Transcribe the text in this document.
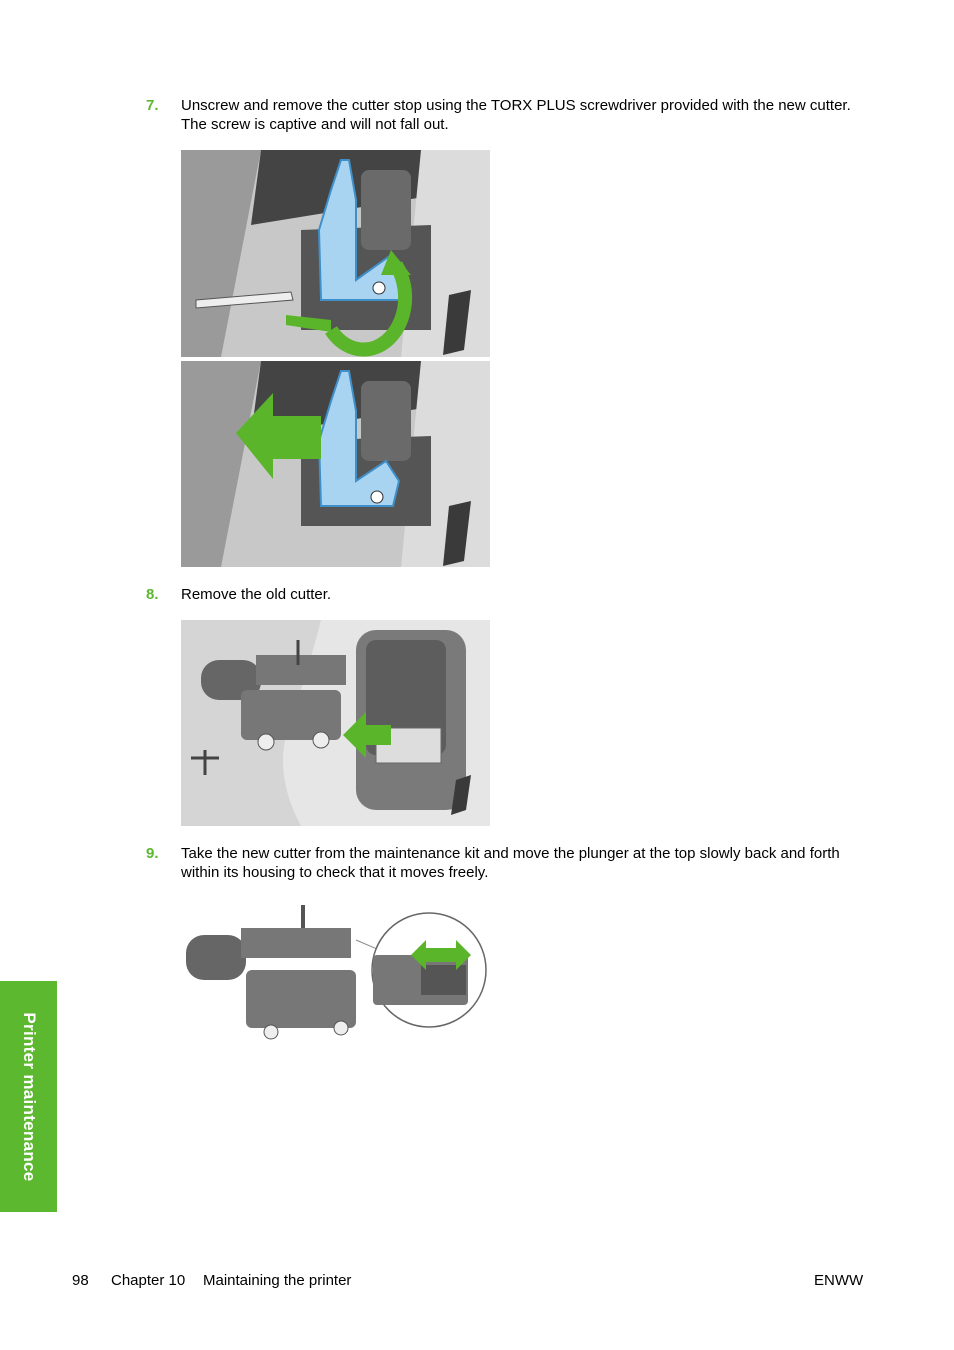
7. Unscrew and remove the cutter stop using the TORX PLUS screwdriver provided with the new cutter. The screw is captive and will not fall out.
8. Remove the old cutter.
9. Take the new cutter from the maintenance kit and move the plunger at the top slowly back and forth within its housing to check that it moves freely.
Printer maintenance
98 Chapter 10 Maintaining the printer	ENWW
